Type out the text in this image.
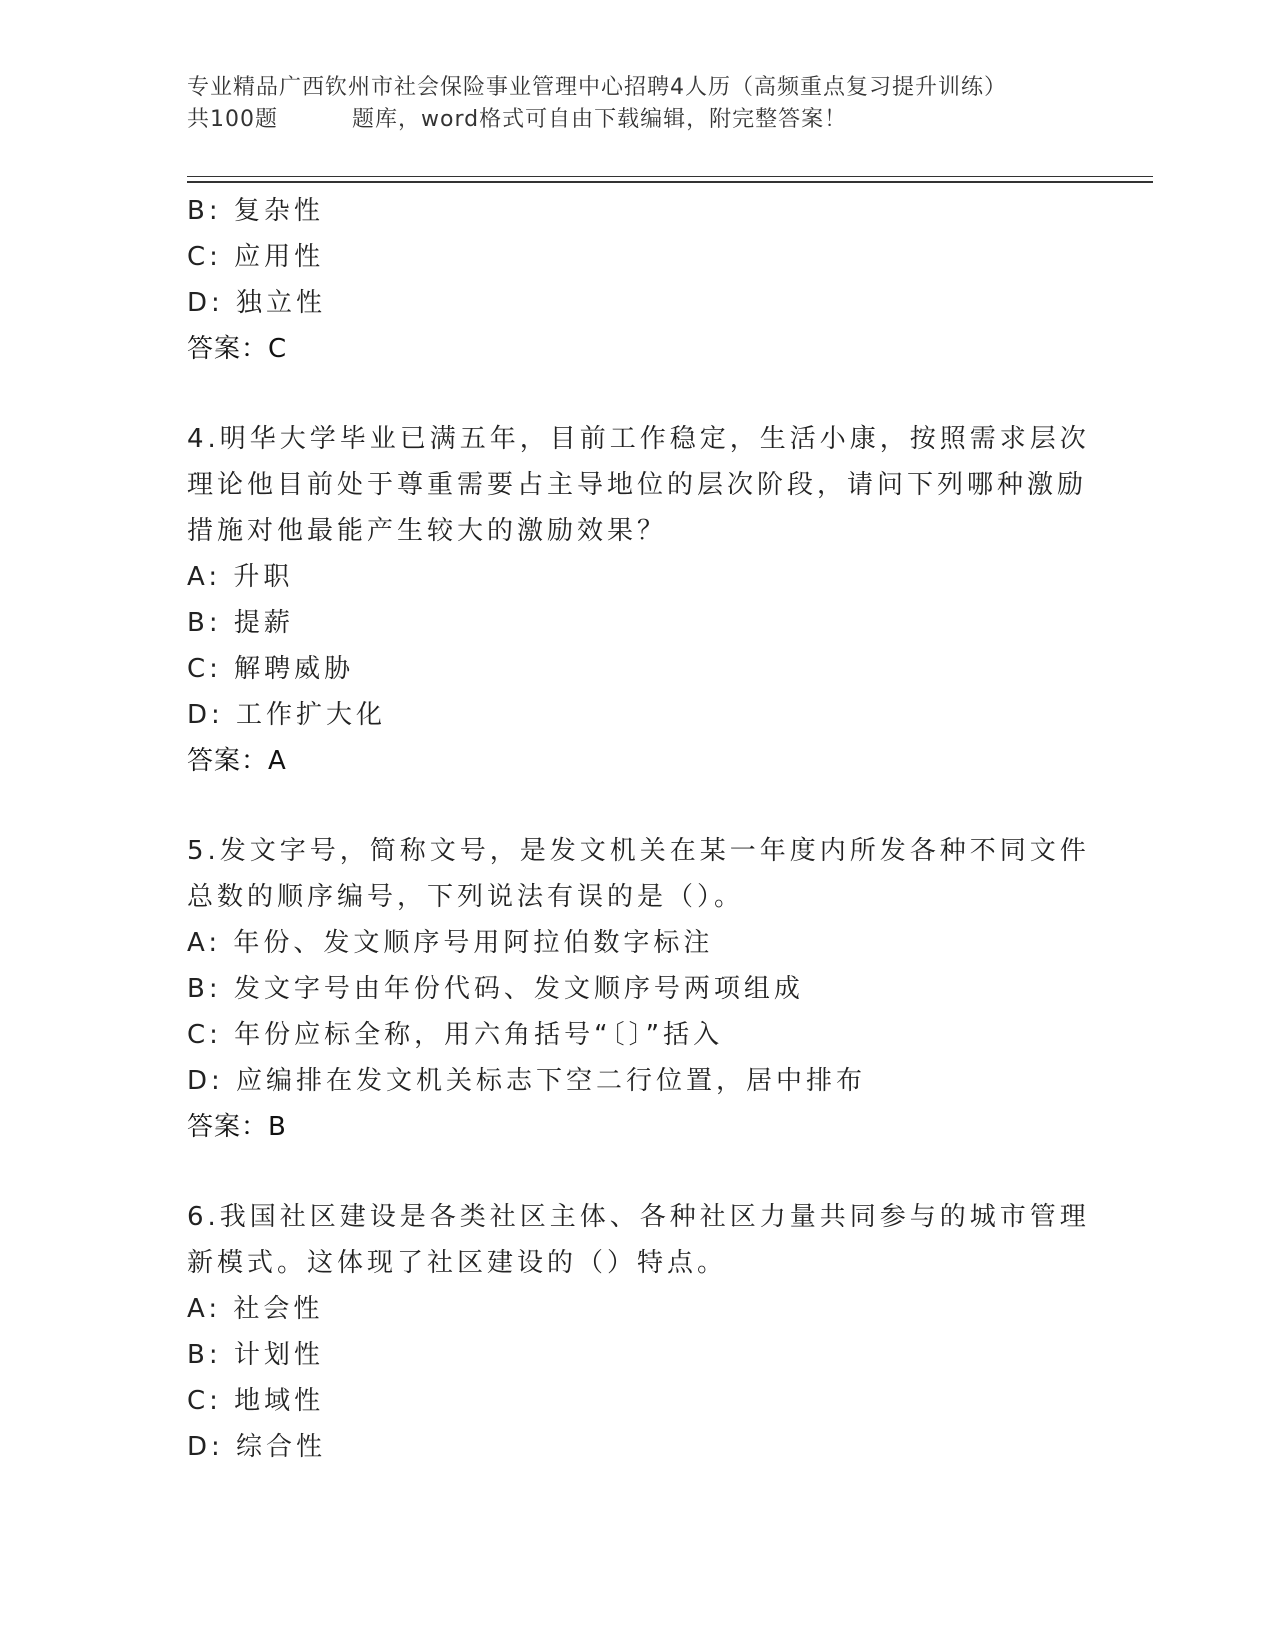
专业精品广西钦州市社会保险事业管理中心招聘4人历（高频重点复习提升训练）
共100题	题库，word格式可自由下载编辑，附完整答案！
B: 复杂性
C: 应用性
D: 独立性
答案：C
4.明华大学毕业已满五年，目前工作稳定，生活小康，按照需求层次
理论他目前处于尊重需要占主导地位的层次阶段，请问下列哪种激励
措施对他最能产生较大的激励效果？
A: 升职
B: 提薪
C: 解聘威胁
D: 工作扩大化
答案：A
5.发文字号，简称文号，是发文机关在某一年度内所发各种不同文件
总数的顺序编号，下列说法有误的是（）。
A: 年份、发文顺序号用阿拉伯数字标注
B: 发文字号由年份代码、发文顺序号两项组成
C: 年份应标全称，用六角括号“〔〕”括入
D: 应编排在发文机关标志下空二行位置，居中排布
答案：B
6.我国社区建设是各类社区主体、各种社区力量共同参与的城市管理
新模式。这体现了社区建设的（）特点。
A: 社会性
B: 计划性
C: 地域性
D: 综合性
